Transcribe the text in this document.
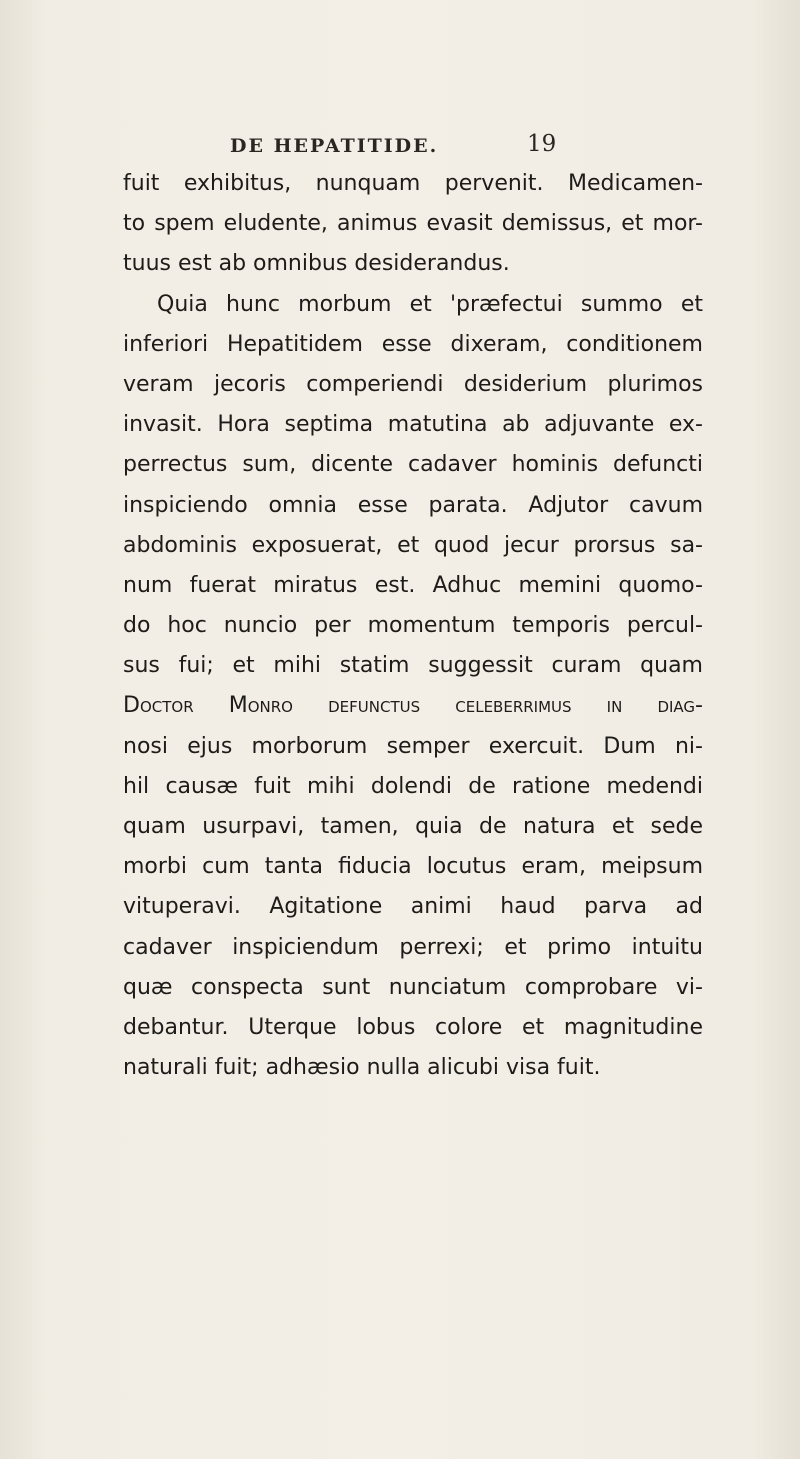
DE HEPATITIDE.	19
fuit exhibitus, nunquam pervenit. Medicamen-
to spem eludente, animus evasit demissus, et mor-
tuus est ab omnibus desiderandus.
Quia hunc morbum et 'præfectui summo et
inferiori Hepatitidem esse dixeram, conditionem
veram jecoris comperiendi desiderium plurimos
invasit. Hora septima matutina ab adjuvante ex-
perrectus sum, dicente cadaver hominis defuncti
inspiciendo omnia esse parata. Adjutor cavum
abdominis exposuerat, et quod jecur prorsus sa-
num fuerat miratus est. Adhuc memini quomo-
do hoc nuncio per momentum temporis percul-
sus fui; et mihi statim suggessit curam quam
Doctor Monro defunctus celeberrimus in diag-
nosi ejus morborum semper exercuit. Dum ni-
hil causæ fuit mihi dolendi de ratione medendi
quam usurpavi, tamen, quia de natura et sede
morbi cum tanta fiducia locutus eram, meipsum
vituperavi. Agitatione animi haud parva ad
cadaver inspiciendum perrexi; et primo intuitu
quæ conspecta sunt nunciatum comprobare vi-
debantur. Uterque lobus colore et magnitudine
naturali fuit; adhæsio nulla alicubi visa fuit.
